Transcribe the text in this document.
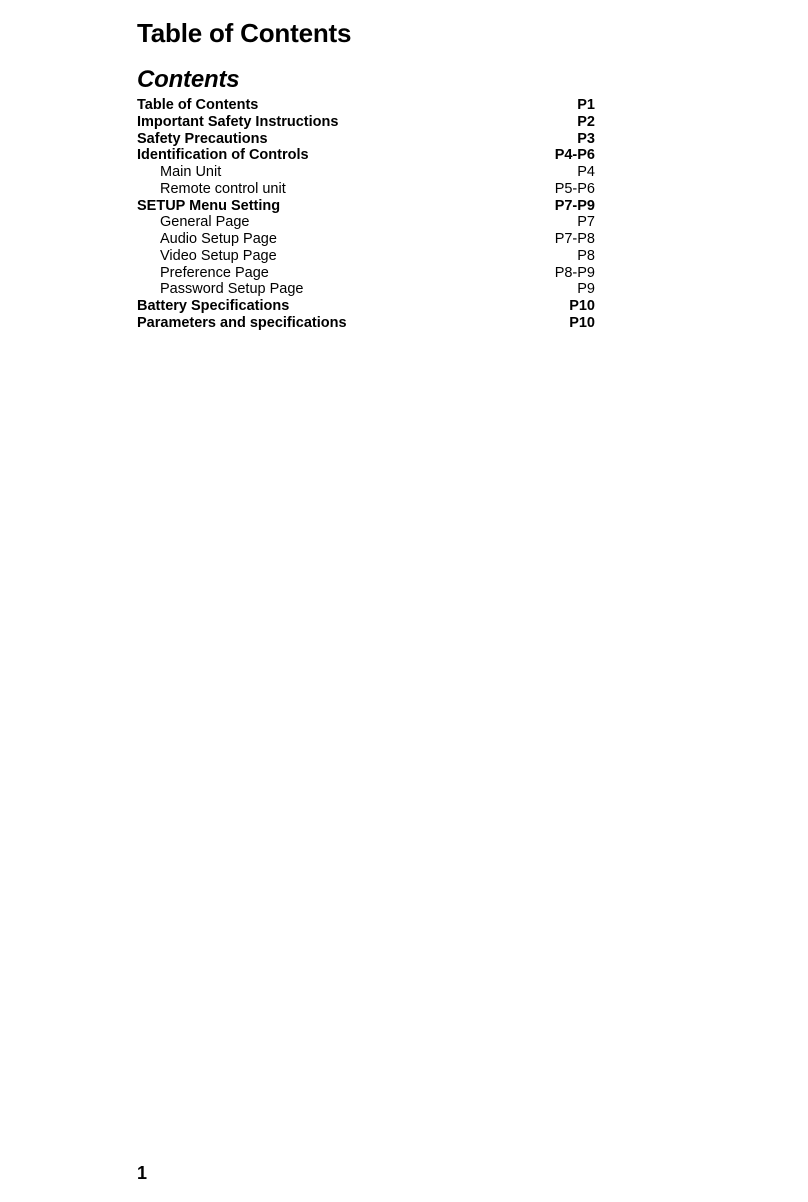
Table of Contents
Contents
Table of Contents	P1
Important Safety Instructions	P2
Safety Precautions	P3
Identification of Controls	P4-P6
Main Unit	P4
Remote control unit	P5-P6
SETUP Menu Setting	P7-P9
General Page	P7
Audio Setup Page	P7-P8
Video Setup Page	P8
Preference Page	P8-P9
Password Setup Page	P9
Battery Specifications	P10
Parameters and specifications	P10
1
